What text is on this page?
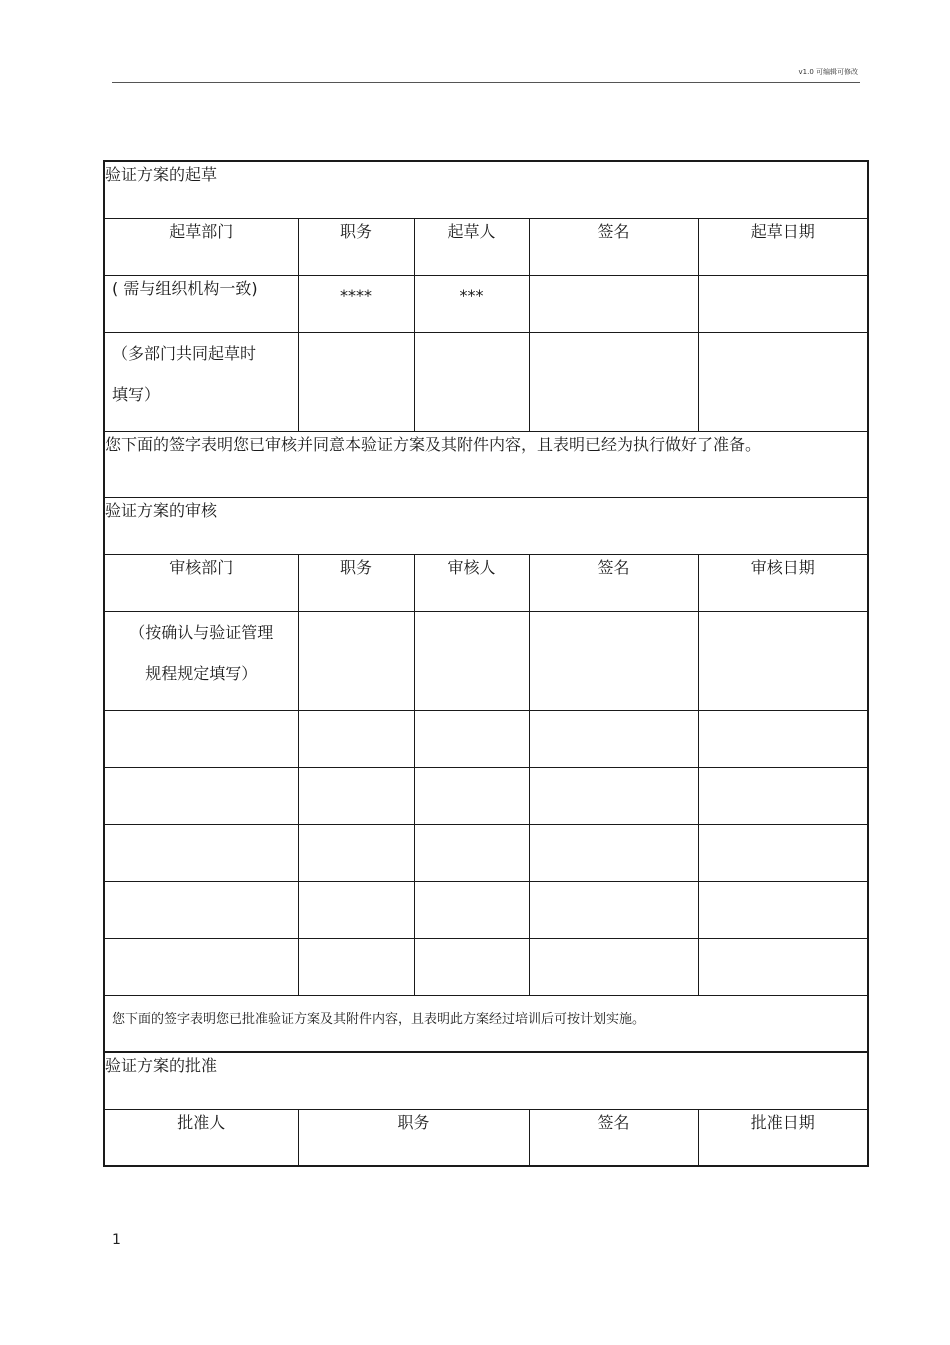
v1.0 可编辑可修改
验证方案的起草				
起草部门	职务	起草人	签名	起草日期
( 需与组织机构一致)	****	***		

（多部门共同起草时
填写）				

您下面的签字表明您已审核并同意本验证方案及其附件内容，且表明已经为执行做好了准备。				
验证方案的审核				
审核部门	职务	审核人	签名	审核日期

（按确认与验证管理
规程规定填写）				

您下面的签字表明您已批准验证方案及其附件内容，且表明此方案经过培训后可按计划实施。				
验证方案的批准				
批准人	职务		签名	批准日期
1
